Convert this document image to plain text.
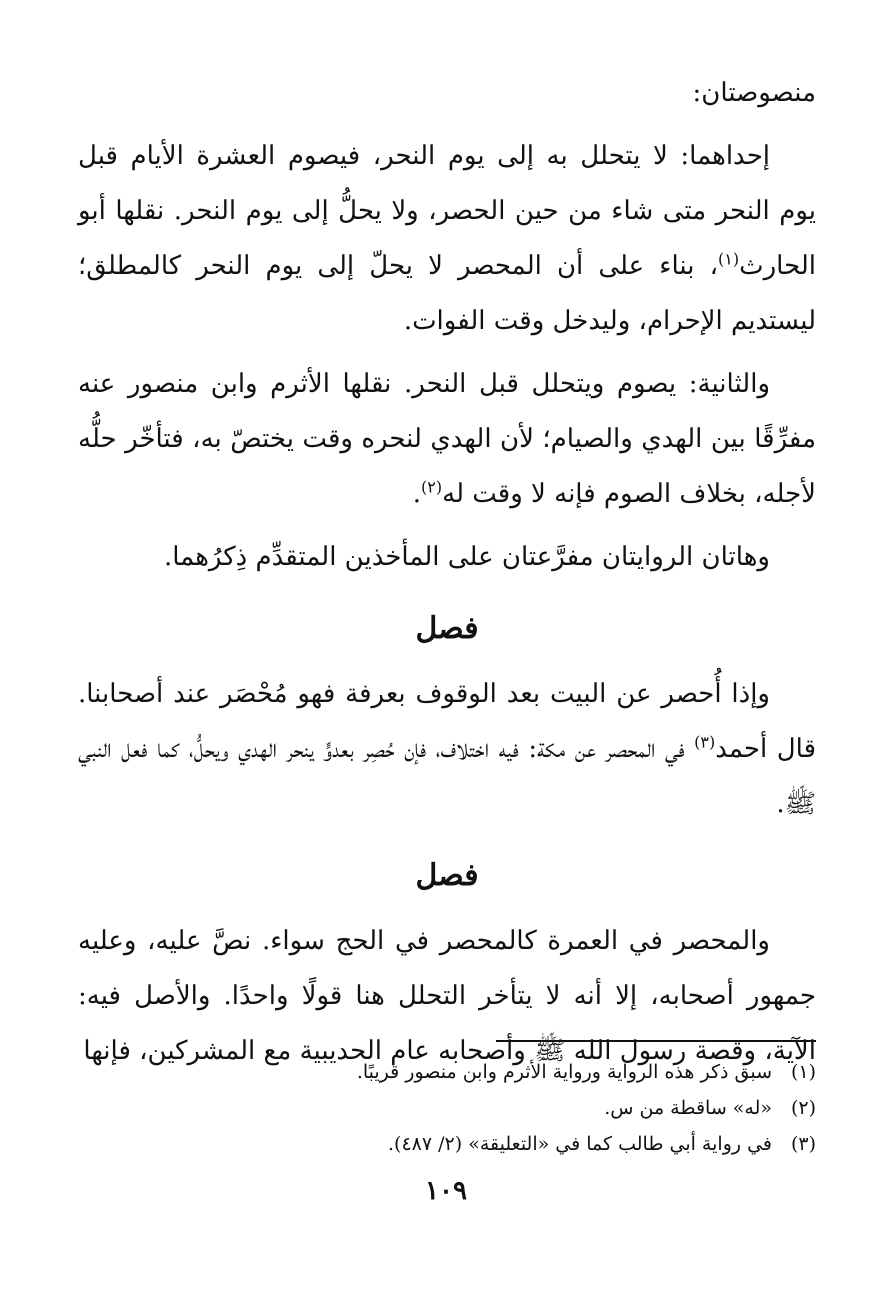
منصوصتان:

إحداهما: لا يتحلل به إلى يوم النحر، فيصوم العشرة الأيام قبل يوم النحر متى شاء من حين الحصر، ولا يحلُّ إلى يوم النحر. نقلها أبو الحارث$^{(١)}$، بناء على أن المحصر لا يحلّ إلى يوم النحر كالمطلق؛ ليستديم الإحرام، وليدخل وقت الفوات.

والثانية: يصوم ويتحلل قبل النحر. نقلها الأثرم وابن منصور عنه مفرِّقًا بين الهدي والصيام؛ لأن الهدي لنحره وقت يختصّ به، فتأخّر حلُّه لأجله، بخلاف الصوم فإنه لا وقت له$^{(٢)}$.

وهاتان الروايتان مفرَّعتان على المأخذين المتقدِّم ذِكرُهما.

فصل

وإذا أُحصر عن البيت بعد الوقوف بعرفة فهو مُحْصَر عند أصحابنا. قال أحمد$^{(٣)}$ في المحصر عن مكة: فيه اختلاف، فإن حُصِر بعدوٍّ ينحر الهدي ويحلُّ، كما فعل النبي ﷺ.

فصل

والمحصر في العمرة كالمحصر في الحج سواء. نصَّ عليه، وعليه جمهور أصحابه، إلا أنه لا يتأخر التحلل هنا قولًا واحدًا. والأصل فيه: الآية، وقصة رسول الله ﷺ وأصحابه عام الحديبية مع المشركين، فإنها

(١)سبق ذكر هذه الرواية ورواية الأثرم وابن منصور قريبًا.

(٢)«له» ساقطة من س.

(٣)في رواية أبي طالب كما في «التعليقة» (٢/ ٤٨٧).

١٠٩
